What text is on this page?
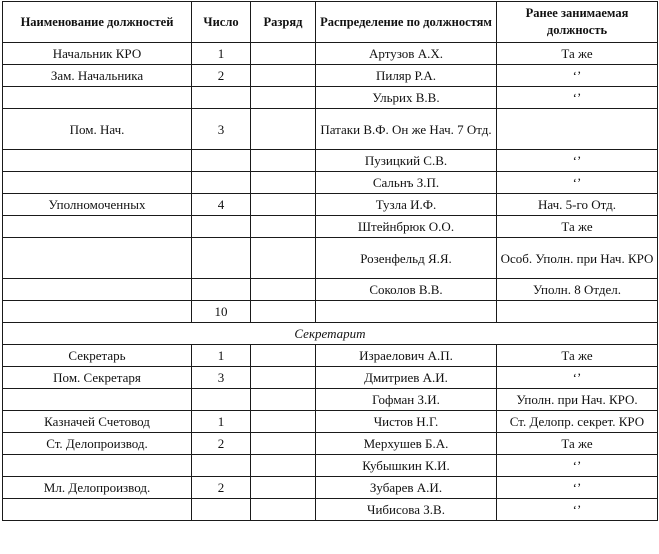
Наименование должностей	Число	Разряд	Распределение по должностям	Ранее занимаемая должность
Начальник КРО	1		Артузов А.Х.	Та же
Зам. Начальника	2		Пиляр Р.А.	‘’
			Ульрих В.В.	‘’
Пом. Нач.	3		Патаки В.Ф. Он же Нач. 7 Отд.	
			Пузицкий С.В.	‘’
			Сальнъ З.П.	‘’
Уполномоченных	4		Тузла И.Ф.	Нач. 5-го Отд.
			Штейнбрюк О.О.	Та же
			Розенфельд Я.Я.	Особ. Уполн. при Нач. КРО
			Соколов В.В.	Уполн. 8 Отдел.
	10			
Секретарит				
Секретарь	1		Израелович А.П.	Та же
Пом. Секретаря	3		Дмитриев А.И.	‘’
			Гофман З.И.	Уполн. при Нач. КРО.
Казначей Счетовод	1		Чистов Н.Г.	Ст. Делопр. секрет. КРО
Ст. Делопроизвод.	2		Мерхушев Б.А.	Та же
			Кубышкин К.И.	‘’
Мл. Делопроизвод.	2		Зубарев А.И.	‘’
			Чибисова З.В.	‘’
